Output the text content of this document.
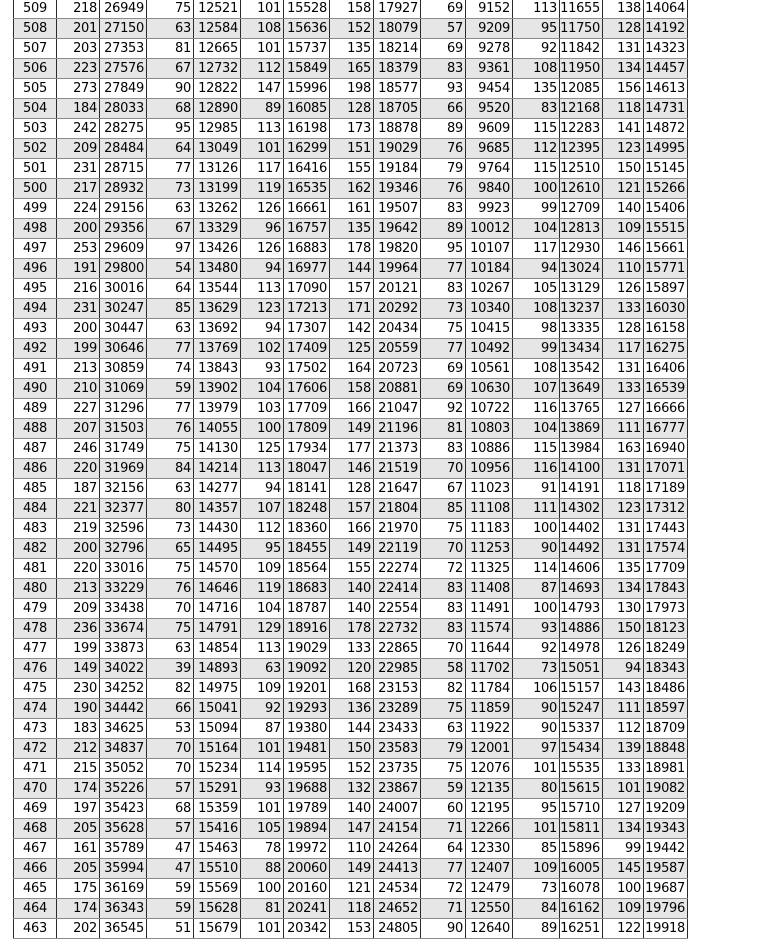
509	218	26949	75	12521	101	15528	158	17927	69	9152	113	11655	138	14064
508	201	27150	63	12584	108	15636	152	18079	57	9209	95	11750	128	14192
507	203	27353	81	12665	101	15737	135	18214	69	9278	92	11842	131	14323
506	223	27576	67	12732	112	15849	165	18379	83	9361	108	11950	134	14457
505	273	27849	90	12822	147	15996	198	18577	93	9454	135	12085	156	14613
504	184	28033	68	12890	89	16085	128	18705	66	9520	83	12168	118	14731
503	242	28275	95	12985	113	16198	173	18878	89	9609	115	12283	141	14872
502	209	28484	64	13049	101	16299	151	19029	76	9685	112	12395	123	14995
501	231	28715	77	13126	117	16416	155	19184	79	9764	115	12510	150	15145
500	217	28932	73	13199	119	16535	162	19346	76	9840	100	12610	121	15266
499	224	29156	63	13262	126	16661	161	19507	83	9923	99	12709	140	15406
498	200	29356	67	13329	96	16757	135	19642	89	10012	104	12813	109	15515
497	253	29609	97	13426	126	16883	178	19820	95	10107	117	12930	146	15661
496	191	29800	54	13480	94	16977	144	19964	77	10184	94	13024	110	15771
495	216	30016	64	13544	113	17090	157	20121	83	10267	105	13129	126	15897
494	231	30247	85	13629	123	17213	171	20292	73	10340	108	13237	133	16030
493	200	30447	63	13692	94	17307	142	20434	75	10415	98	13335	128	16158
492	199	30646	77	13769	102	17409	125	20559	77	10492	99	13434	117	16275
491	213	30859	74	13843	93	17502	164	20723	69	10561	108	13542	131	16406
490	210	31069	59	13902	104	17606	158	20881	69	10630	107	13649	133	16539
489	227	31296	77	13979	103	17709	166	21047	92	10722	116	13765	127	16666
488	207	31503	76	14055	100	17809	149	21196	81	10803	104	13869	111	16777
487	246	31749	75	14130	125	17934	177	21373	83	10886	115	13984	163	16940
486	220	31969	84	14214	113	18047	146	21519	70	10956	116	14100	131	17071
485	187	32156	63	14277	94	18141	128	21647	67	11023	91	14191	118	17189
484	221	32377	80	14357	107	18248	157	21804	85	11108	111	14302	123	17312
483	219	32596	73	14430	112	18360	166	21970	75	11183	100	14402	131	17443
482	200	32796	65	14495	95	18455	149	22119	70	11253	90	14492	131	17574
481	220	33016	75	14570	109	18564	155	22274	72	11325	114	14606	135	17709
480	213	33229	76	14646	119	18683	140	22414	83	11408	87	14693	134	17843
479	209	33438	70	14716	104	18787	140	22554	83	11491	100	14793	130	17973
478	236	33674	75	14791	129	18916	178	22732	83	11574	93	14886	150	18123
477	199	33873	63	14854	113	19029	133	22865	70	11644	92	14978	126	18249
476	149	34022	39	14893	63	19092	120	22985	58	11702	73	15051	94	18343
475	230	34252	82	14975	109	19201	168	23153	82	11784	106	15157	143	18486
474	190	34442	66	15041	92	19293	136	23289	75	11859	90	15247	111	18597
473	183	34625	53	15094	87	19380	144	23433	63	11922	90	15337	112	18709
472	212	34837	70	15164	101	19481	150	23583	79	12001	97	15434	139	18848
471	215	35052	70	15234	114	19595	152	23735	75	12076	101	15535	133	18981
470	174	35226	57	15291	93	19688	132	23867	59	12135	80	15615	101	19082
469	197	35423	68	15359	101	19789	140	24007	60	12195	95	15710	127	19209
468	205	35628	57	15416	105	19894	147	24154	71	12266	101	15811	134	19343
467	161	35789	47	15463	78	19972	110	24264	64	12330	85	15896	99	19442
466	205	35994	47	15510	88	20060	149	24413	77	12407	109	16005	145	19587
465	175	36169	59	15569	100	20160	121	24534	72	12479	73	16078	100	19687
464	174	36343	59	15628	81	20241	118	24652	71	12550	84	16162	109	19796
463	202	36545	51	15679	101	20342	153	24805	90	12640	89	16251	122	19918
